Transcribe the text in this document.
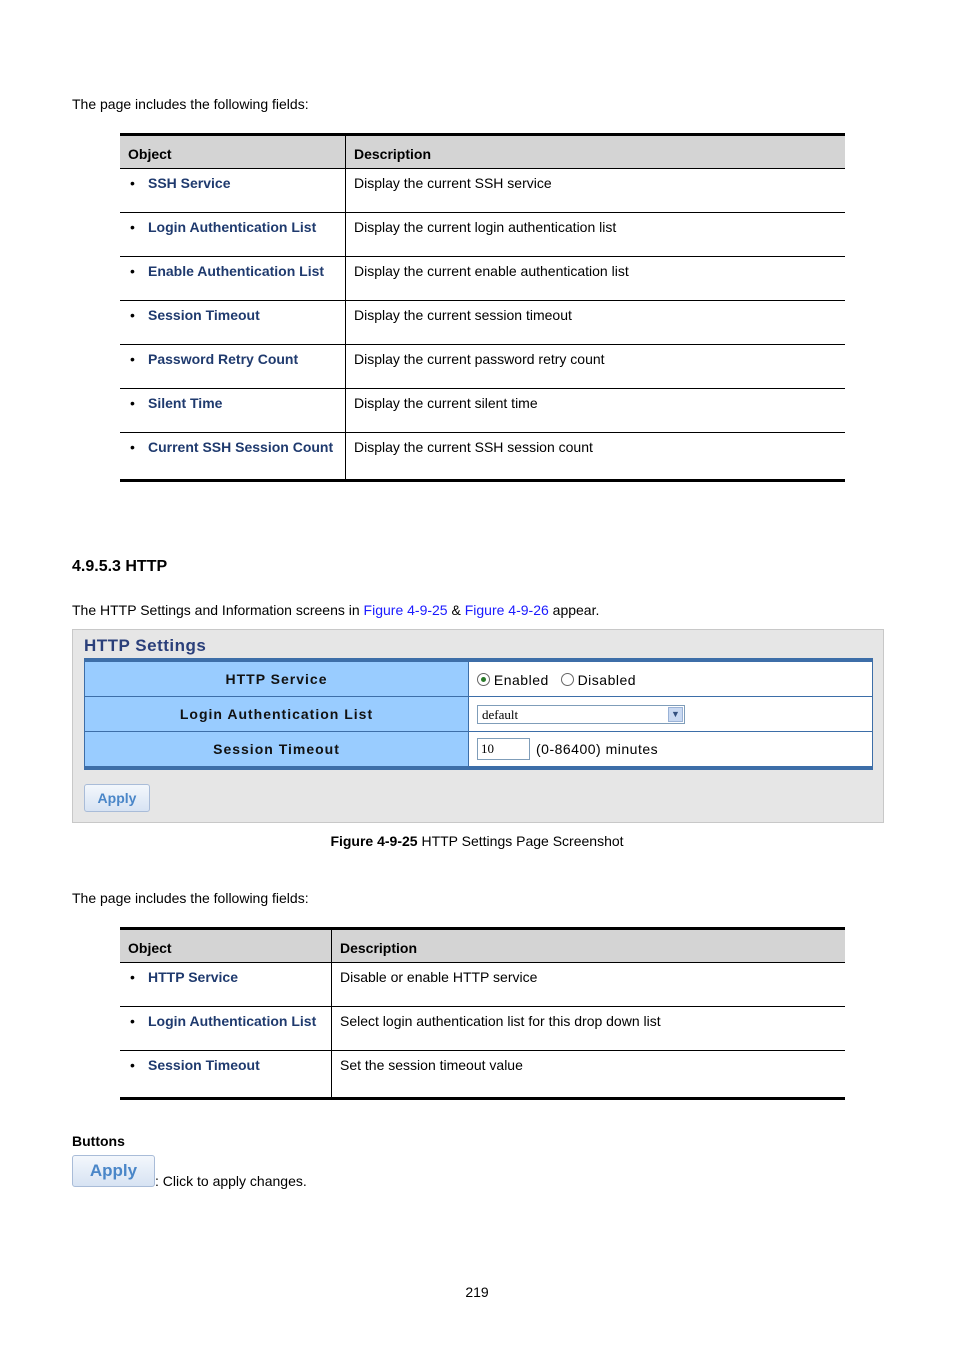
The page includes the following fields:
Object	Description
• SSH Service	Display the current SSH service
• Login Authentication List	Display the current login authentication list
• Enable Authentication List	Display the current enable authentication list
• Session Timeout	Display the current session timeout
• Password Retry Count	Display the current password retry count
• Silent Time	Display the current silent time
• Current SSH Session Count	Display the current SSH session count
4.9.5.3 HTTP
The HTTP Settings and Information screens in Figure 4-9-25 & Figure 4-9-26 appear.
HTTP Settings
HTTP Service	Enabled Disabled
Login Authentication List	default ▼

Session Timeout	10 (0-86400) minutes
Apply
Figure 4-9-25 HTTP Settings Page Screenshot
The page includes the following fields:
Object	Description
• HTTP Service	Disable or enable HTTP service
• Login Authentication List	Select login authentication list for this drop down list
• Session Timeout	Set the session timeout value
Buttons
Apply
: Click to apply changes.
219
